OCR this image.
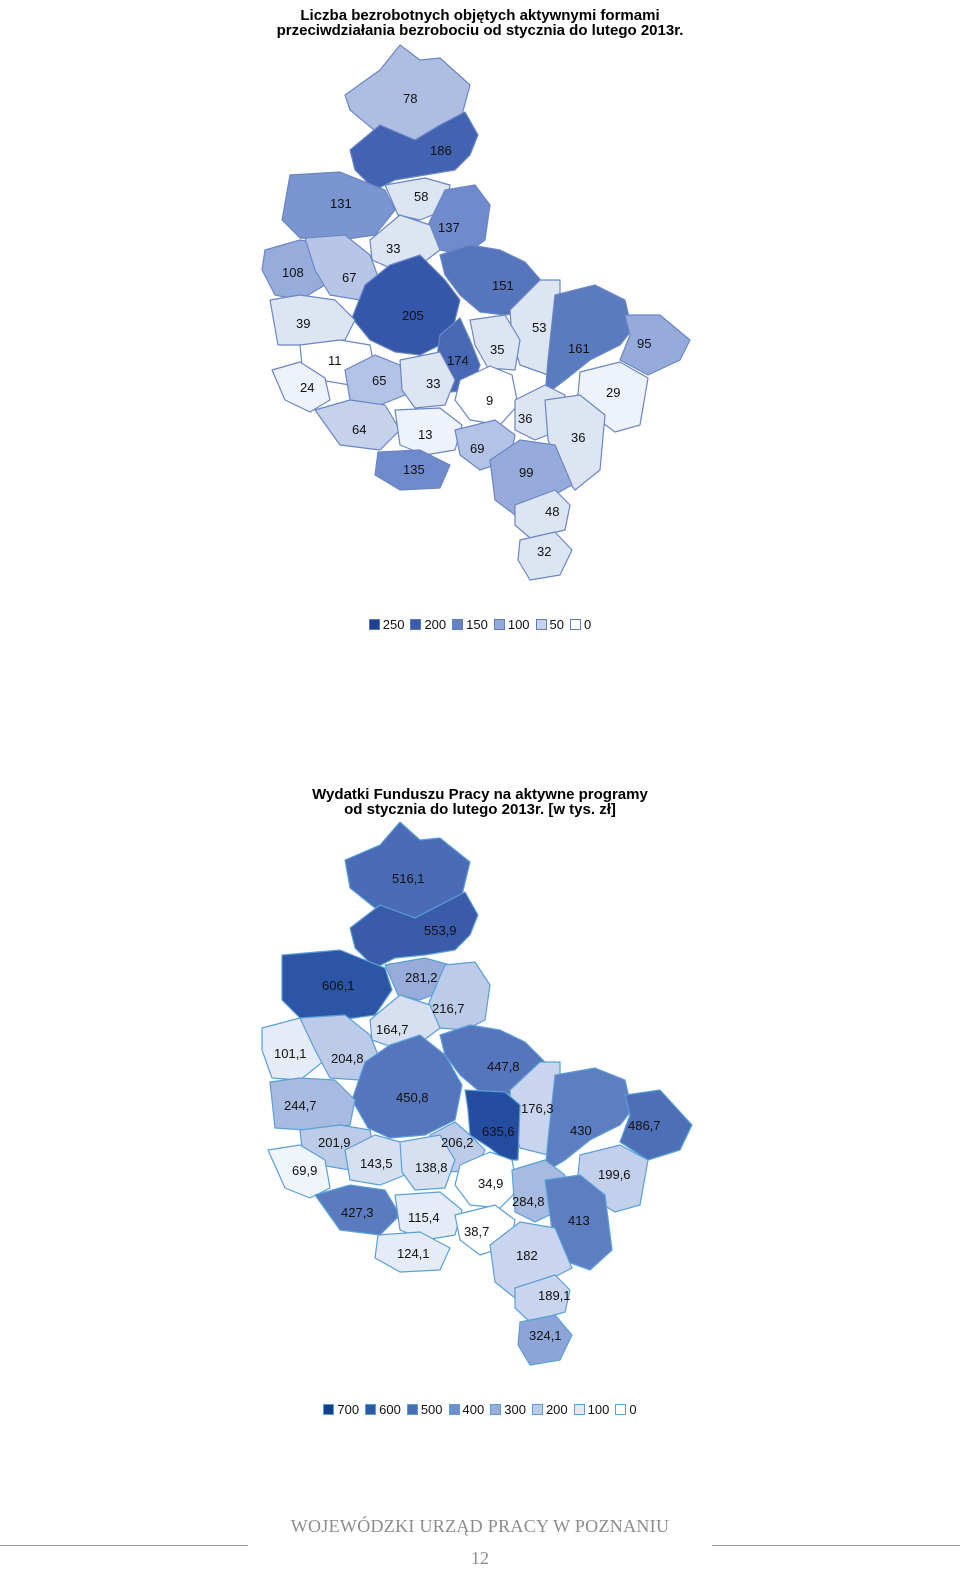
Liczba bezrobotnych objętych aktywnymi formami
przeciwdziałania bezrobociu od stycznia do lutego 2013r.
78
186
131	58
137
33
108	67
151
205
39	53
161	95
11	174
35
24	65	33
29
9
64	13
36
36
69
135	99
48
32
250 200 150 100 50 0
Wydatki Funduszu Pracy na aktywne programy
od stycznia do lutego 2013r. [w tys. zł]
516,1
553,9
606,1
281,2
216,7
164,7
101,1 204,8
447,8
450,8
176,3
244,7
635,6	430	486,7
201,9	206,2
143,5 138,8
69,9	199,6
34,9
284,8
427,3	115,4	413
38,7
124,1	182
189,1
324,1
700 600 500 400 300 200 100 0
WOJEWÓDZKI URZĄD PRACY W POZNANIU
12
